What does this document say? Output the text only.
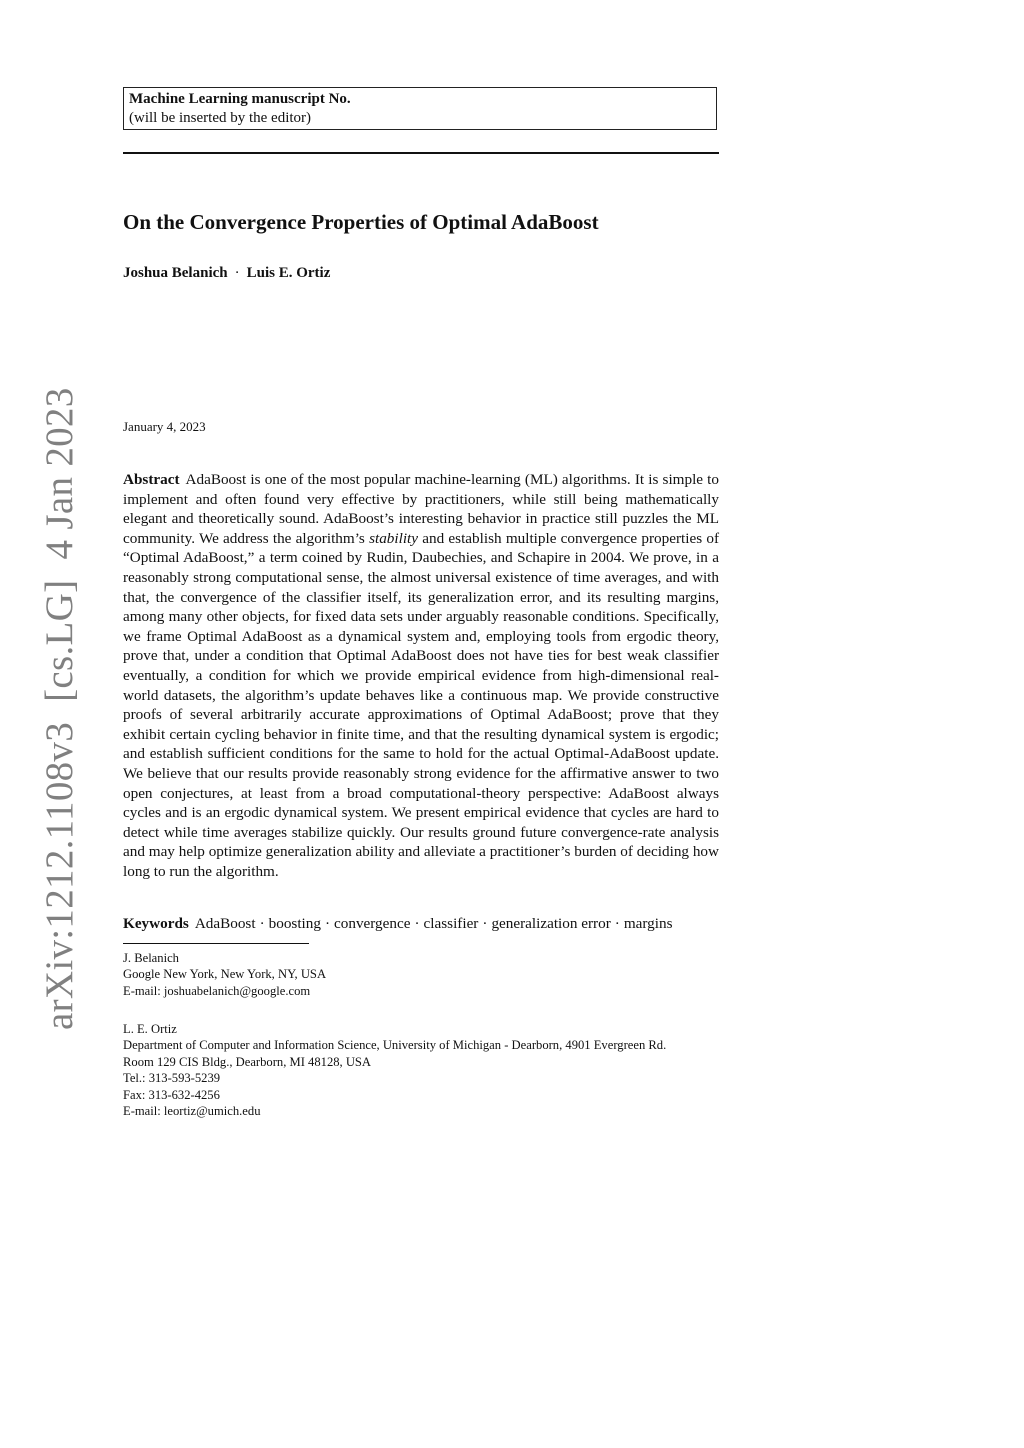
Machine Learning manuscript No.
(will be inserted by the editor)
On the Convergence Properties of Optimal AdaBoost
Joshua Belanich · Luis E. Ortiz
January 4, 2023

Abstract AdaBoost is one of the most popular machine-learning (ML) algorithms. It is simple to implement and often found very effective by practitioners, while still being mathematically elegant and theoretically sound. AdaBoost’s interesting behavior in practice still puzzles the ML community. We address the algorithm’s stability and establish multiple convergence properties of “Optimal AdaBoost,” a term coined by Rudin, Daubechies, and Schapire in 2004. We prove, in a reasonably strong computational sense, the almost universal existence of time averages, and with that, the convergence of the classifier itself, its generalization error, and its resulting margins, among many other objects, for fixed data sets under arguably reasonable conditions. Specifically, we frame Optimal AdaBoost as a dynamical system and, employing tools from ergodic theory, prove that, under a condition that Optimal AdaBoost does not have ties for best weak classifier eventually, a condition for which we provide empirical evidence from high-dimensional real-world datasets, the algorithm’s update behaves like a continuous map. We provide constructive proofs of several arbitrarily accurate approximations of Optimal AdaBoost; prove that they exhibit certain cycling behavior in finite time, and that the resulting dynamical system is ergodic; and establish sufficient conditions for the same to hold for the actual Optimal-AdaBoost update. We believe that our results provide reasonably strong evidence for the affirmative answer to two open conjectures, at least from a broad computational-theory perspective: AdaBoost always cycles and is an ergodic dynamical system. We present empirical evidence that cycles are hard to detect while time averages stabilize quickly. Our results ground future convergence-rate analysis and may help optimize generalization ability and alleviate a practitioner’s burden of deciding how long to run the algorithm.

Keywords AdaBoost · boosting · convergence · classifier · generalization error · margins
J. Belanich
Google New York, New York, NY, USA
E-mail: joshuabelanich@google.com
L. E. Ortiz
Department of Computer and Information Science, University of Michigan - Dearborn, 4901 Evergreen Rd.
Room 129 CIS Bldg., Dearborn, MI 48128, USA
Tel.: 313-593-5239
Fax: 313-632-4256
E-mail: leortiz@umich.edu
arXiv:1212.1108v3  [cs.LG]  4 Jan 2023
